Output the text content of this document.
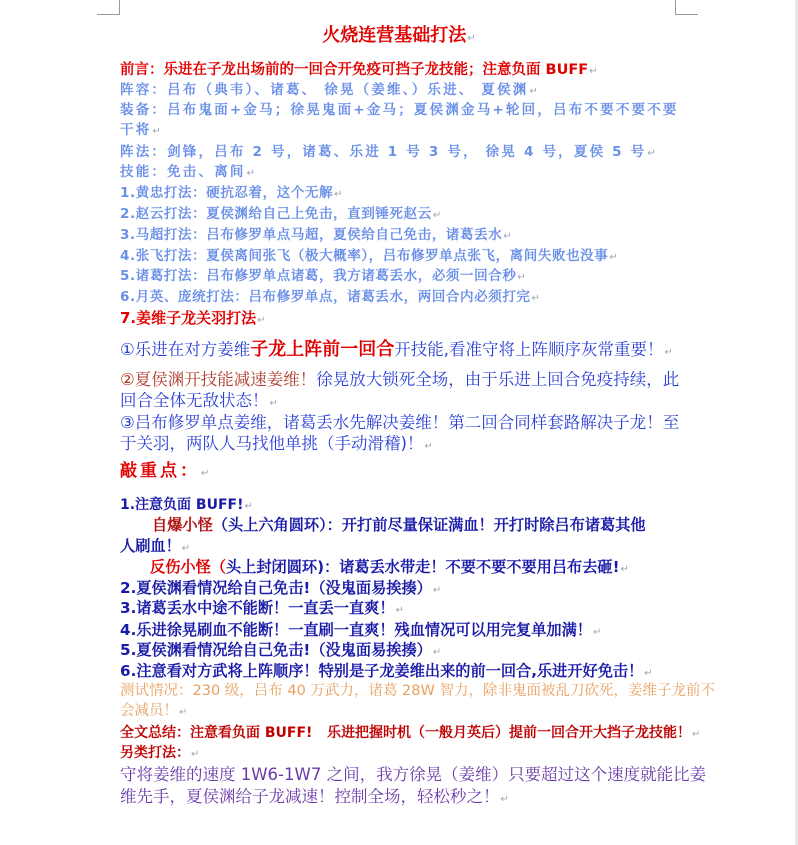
火烧连营基础打法↵
前言：乐进在子龙出场前的一回合开免疫可挡子龙技能；注意负面 BUFF↵
阵容：吕布（典韦）、诸葛、 徐晃（姜维、）乐进、 夏侯渊↵
装备：吕布鬼面+金马；徐晃鬼面+金马；夏侯渊金马+轮回，吕布不要不要不要
干将↵
阵法：剑锋，吕布 2 号，诸葛、乐进 1 号 3 号， 徐晃 4 号，夏侯 5 号↵
技能：免击、离间↵
1.黄忠打法：硬抗忍着，这个无解↵
2.赵云打法：夏侯渊给自己上免击，直到锤死赵云↵
3.马超打法：吕布修罗单点马超，夏侯给自己免击，诸葛丢水↵
4.张飞打法：夏侯离间张飞（极大概率），吕布修罗单点张飞，离间失败也没事↵
5.诸葛打法：吕布修罗单点诸葛，我方诸葛丢水，必须一回合秒↵
6.月英、庞统打法：吕布修罗单点，诸葛丢水，两回合内必须打完↵
7.姜维子龙关羽打法↵
①乐进在对方姜维子龙上阵前一回合开技能,看准守将上阵顺序灰常重要！↵
②夏侯渊开技能减速姜维！徐晃放大锁死全场，由于乐进上回合免疫持续，此
回合全体无敌状态！↵
③吕布修罗单点姜维，诸葛丢水先解决姜维！第二回合同样套路解决子龙！至
于关羽，两队人马找他单挑（手动滑稽)！↵
敲重点：↵
1.注意负面 BUFF!↵
自爆小怪（头上六角圆环）：开打前尽量保证满血！开打时除吕布诸葛其他
人刷血！↵
反伤小怪（头上封闭圆环)：诸葛丢水带走！不要不要不要用吕布去砸!↵
2.夏侯渊看情况给自己免击!（没鬼面易挨揍）↵
3.诸葛丢水中途不能断！一直丢一直爽！↵
4.乐进徐晃刷血不能断！一直刷一直爽！残血情况可以用完复单加满！↵
5.夏侯渊看情况给自己免击!（没鬼面易挨揍）↵
6.注意看对方武将上阵顺序！特别是子龙姜维出来的前一回合,乐进开好免击！↵
测试情况：230 级，吕布 40 万武力，诸葛 28W 智力，除非鬼面被乱刀砍死，姜维子龙前不
会减员！↵
全文总结：注意看负面 BUFF!   乐进把握时机（一般月英后）提前一回合开大挡子龙技能！↵
另类打法：↵
守将姜维的速度 1W6-1W7 之间，我方徐晃（姜维）只要超过这个速度就能比姜
维先手，夏侯渊给子龙减速！控制全场，轻松秒之！↵
